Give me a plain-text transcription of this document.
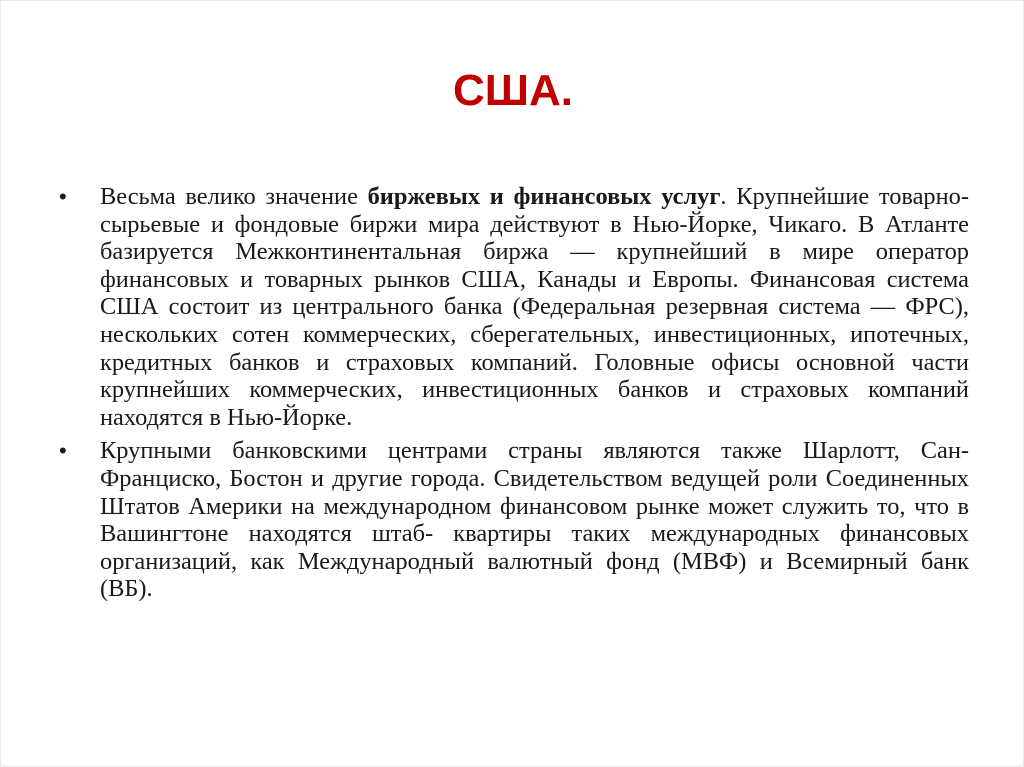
США.
•	Весьма велико значение биржевых и финансовых услуг. Крупнейшие товарно-сырьевые и фондовые биржи мира действуют в Нью-Йорке, Чикаго. В Атланте базируется Межконтинентальная биржа — крупнейший в мире оператор финансовых и товарных рынков США, Канады и Европы. Финансовая система США состоит из центрального банка (Федеральная резервная система — ФРС), нескольких сотен коммерческих, сберегательных, инвестиционных, ипотечных, кредитных банков и страховых компаний. Головные офисы основной части крупнейших коммерческих, инвестиционных банков и страховых компаний находятся в Нью-Йорке.
•	Крупными банковскими центрами страны являются также Шарлотт, Сан-Франциско, Бостон и другие города. Свидетельством ведущей роли Соединенных Штатов Америки на международном финансовом рынке может служить то, что в Вашингтоне находятся штаб- квартиры таких международных финансовых организаций, как Международный валютный фонд (МВФ) и Всемирный банк (ВБ).
